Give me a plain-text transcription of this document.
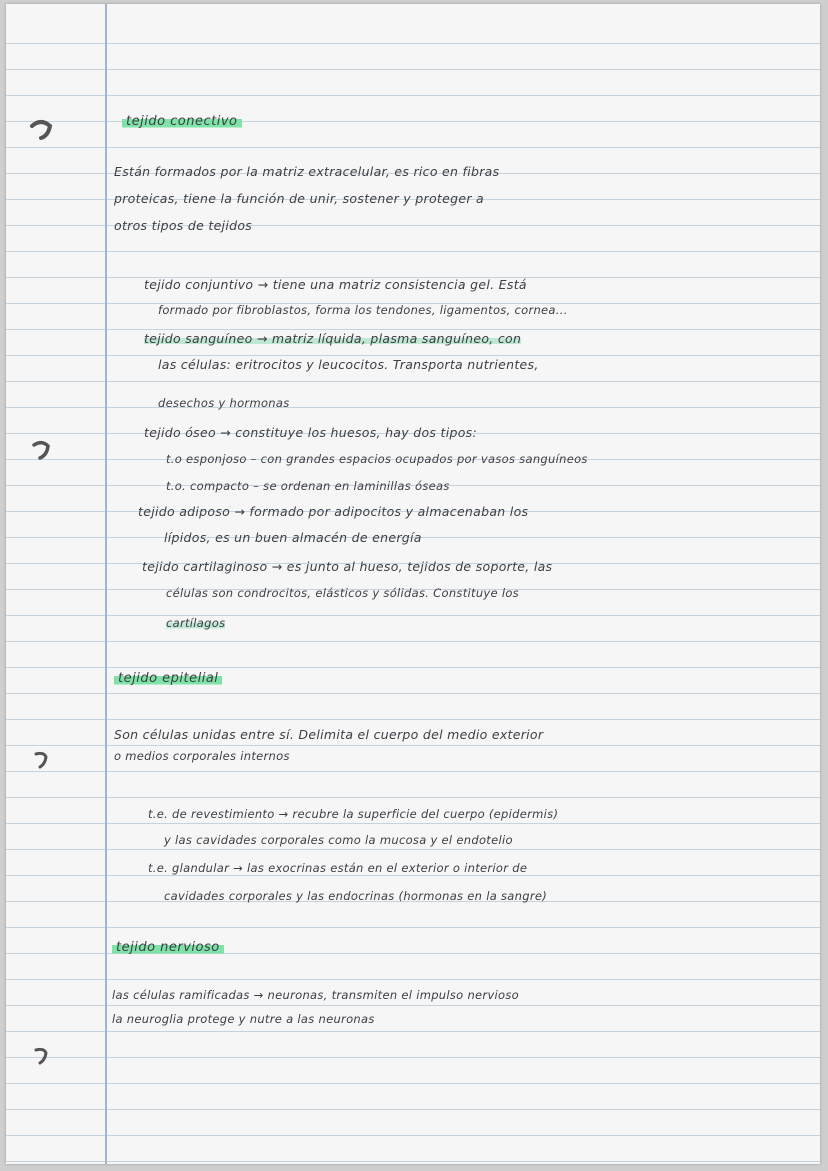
tejido conectivo
Están formados por la matriz extracelular, es rico en fibras
proteicas, tiene la función de unir, sostener y proteger a
otros tipos de tejidos
tejido conjuntivo → tiene una matriz consistencia gel. Está
formado por fibroblastos, forma los tendones, ligamentos, cornea...
tejido sanguíneo → matriz líquida, plasma sanguíneo, con
las células: eritrocitos y leucocitos. Transporta nutrientes,
desechos y hormonas
tejido óseo → constituye los huesos, hay dos tipos:
t.o esponjoso – con grandes espacios ocupados por vasos sanguíneos
t.o. compacto – se ordenan en laminillas óseas
tejido adiposo → formado por adipocitos y almacenaban los
lípidos, es un buen almacén de energía
tejido cartilaginoso → es junto al hueso, tejidos de soporte, las
células son condrocitos, elásticos y sólidas. Constituye los
cartílagos
tejido epitelial
Son células unidas entre sí. Delimita el cuerpo del medio exterior
o medios corporales internos
t.e. de revestimiento → recubre la superficie del cuerpo (epidermis)
y las cavidades corporales como la mucosa y el endotelio
t.e. glandular → las exocrinas están en el exterior o interior de
cavidades corporales y las endocrinas (hormonas en la sangre)
tejido nervioso
las células ramificadas → neuronas, transmiten el impulso nervioso
la neuroglia protege y nutre a las neuronas
